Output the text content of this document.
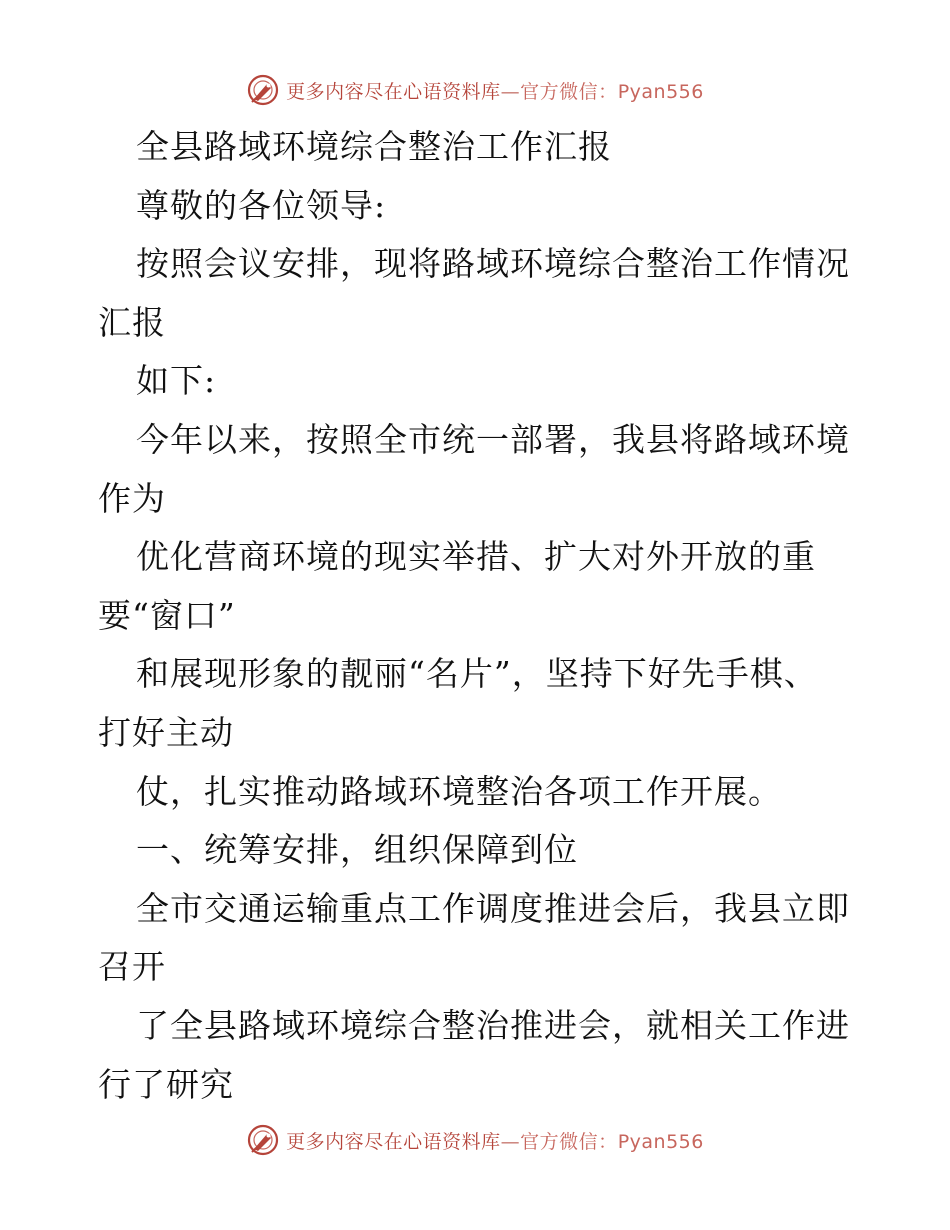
更多内容尽在心语资料库—官方微信：Pyan556
全县路域环境综合整治工作汇报
尊敬的各位领导:
按照会议安排，现将路域环境综合整治工作情况
汇报
如下:
今年以来，按照全市统一部署，我县将路域环境
作为
优化营商环境的现实举措、扩大对外开放的重
要“窗口”
和展现形象的靓丽“名片”，坚持下好先手棋、
打好主动
仗，扎实推动路域环境整治各项工作开展。
一、统筹安排，组织保障到位
全市交通运输重点工作调度推进会后，我县立即
召开
了全县路域环境综合整治推进会，就相关工作进
行了研究
更多内容尽在心语资料库—官方微信：Pyan556
